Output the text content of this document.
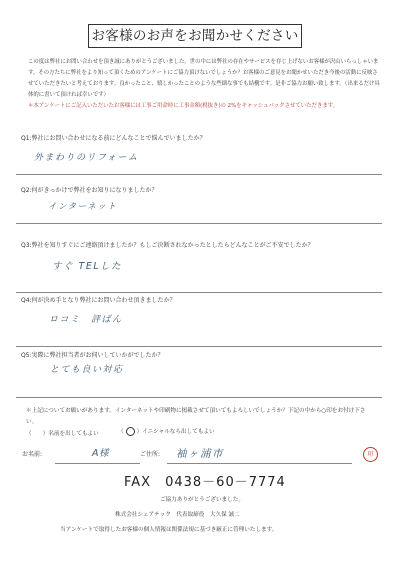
お客様のお声をお聞かせください

この度は弊社にお問い合わせを頂き誠にありがとうございました。世の中には弊社の存在やサービスを存じ上げないお客様が沢山いらっしゃいます。その方たちに弊社をより知って頂くためのアンケートにご協力頂けないでしょうか？お客様のご意見をお聞かせいただき今後の活動に反映させていただきたいと考えております。良かったこと、嬉しかったことのような些細な事でも結構です。是非ご協力お願い致します。（出来るだけ具体的に書いて頂ければ幸いです）

＊本アンケートにご記入いただいたお客様には工事ご用命時に工事金額(税抜き)の 2%をキャッシュバックさせていただきます。

Q1:弊社にお問い合わせになる前にどんなことで悩んでいましたか？
外まわりのリフォーム
Q2:何がきっかけで弊社をお知りになりましたか？
インターネット
Q3:弊社を知りすぐにご連絡頂けましたか？もしご決断されなかったとしたらどんなことがご不安でしたか？
すぐ TELした
Q4:何が決め手となり弊社にお問い合わせ頂きましたか？
ロコミ　評ばん
Q5:実際に弊社担当者がお伺いしていかがでしたか？
とても良い対応
＊上記についてお願いがあります。インターネットや印刷物に掲載させて頂いてもよろしいでしょうか？下記の中から○印をお付け下さい。
（　　）名前を出してもよい	（ ）イニシャルなら出してもよい
お名前:	A様	ご住所: 袖ヶ浦市	印
FAX　0438－60－7774
ご協力ありがとうございました。
株式会社シェアテック　代表取締役　大久保 誠二
当アンケートで取得したお客様の個人情報は関係法規に基づき厳正に管理いたします。
